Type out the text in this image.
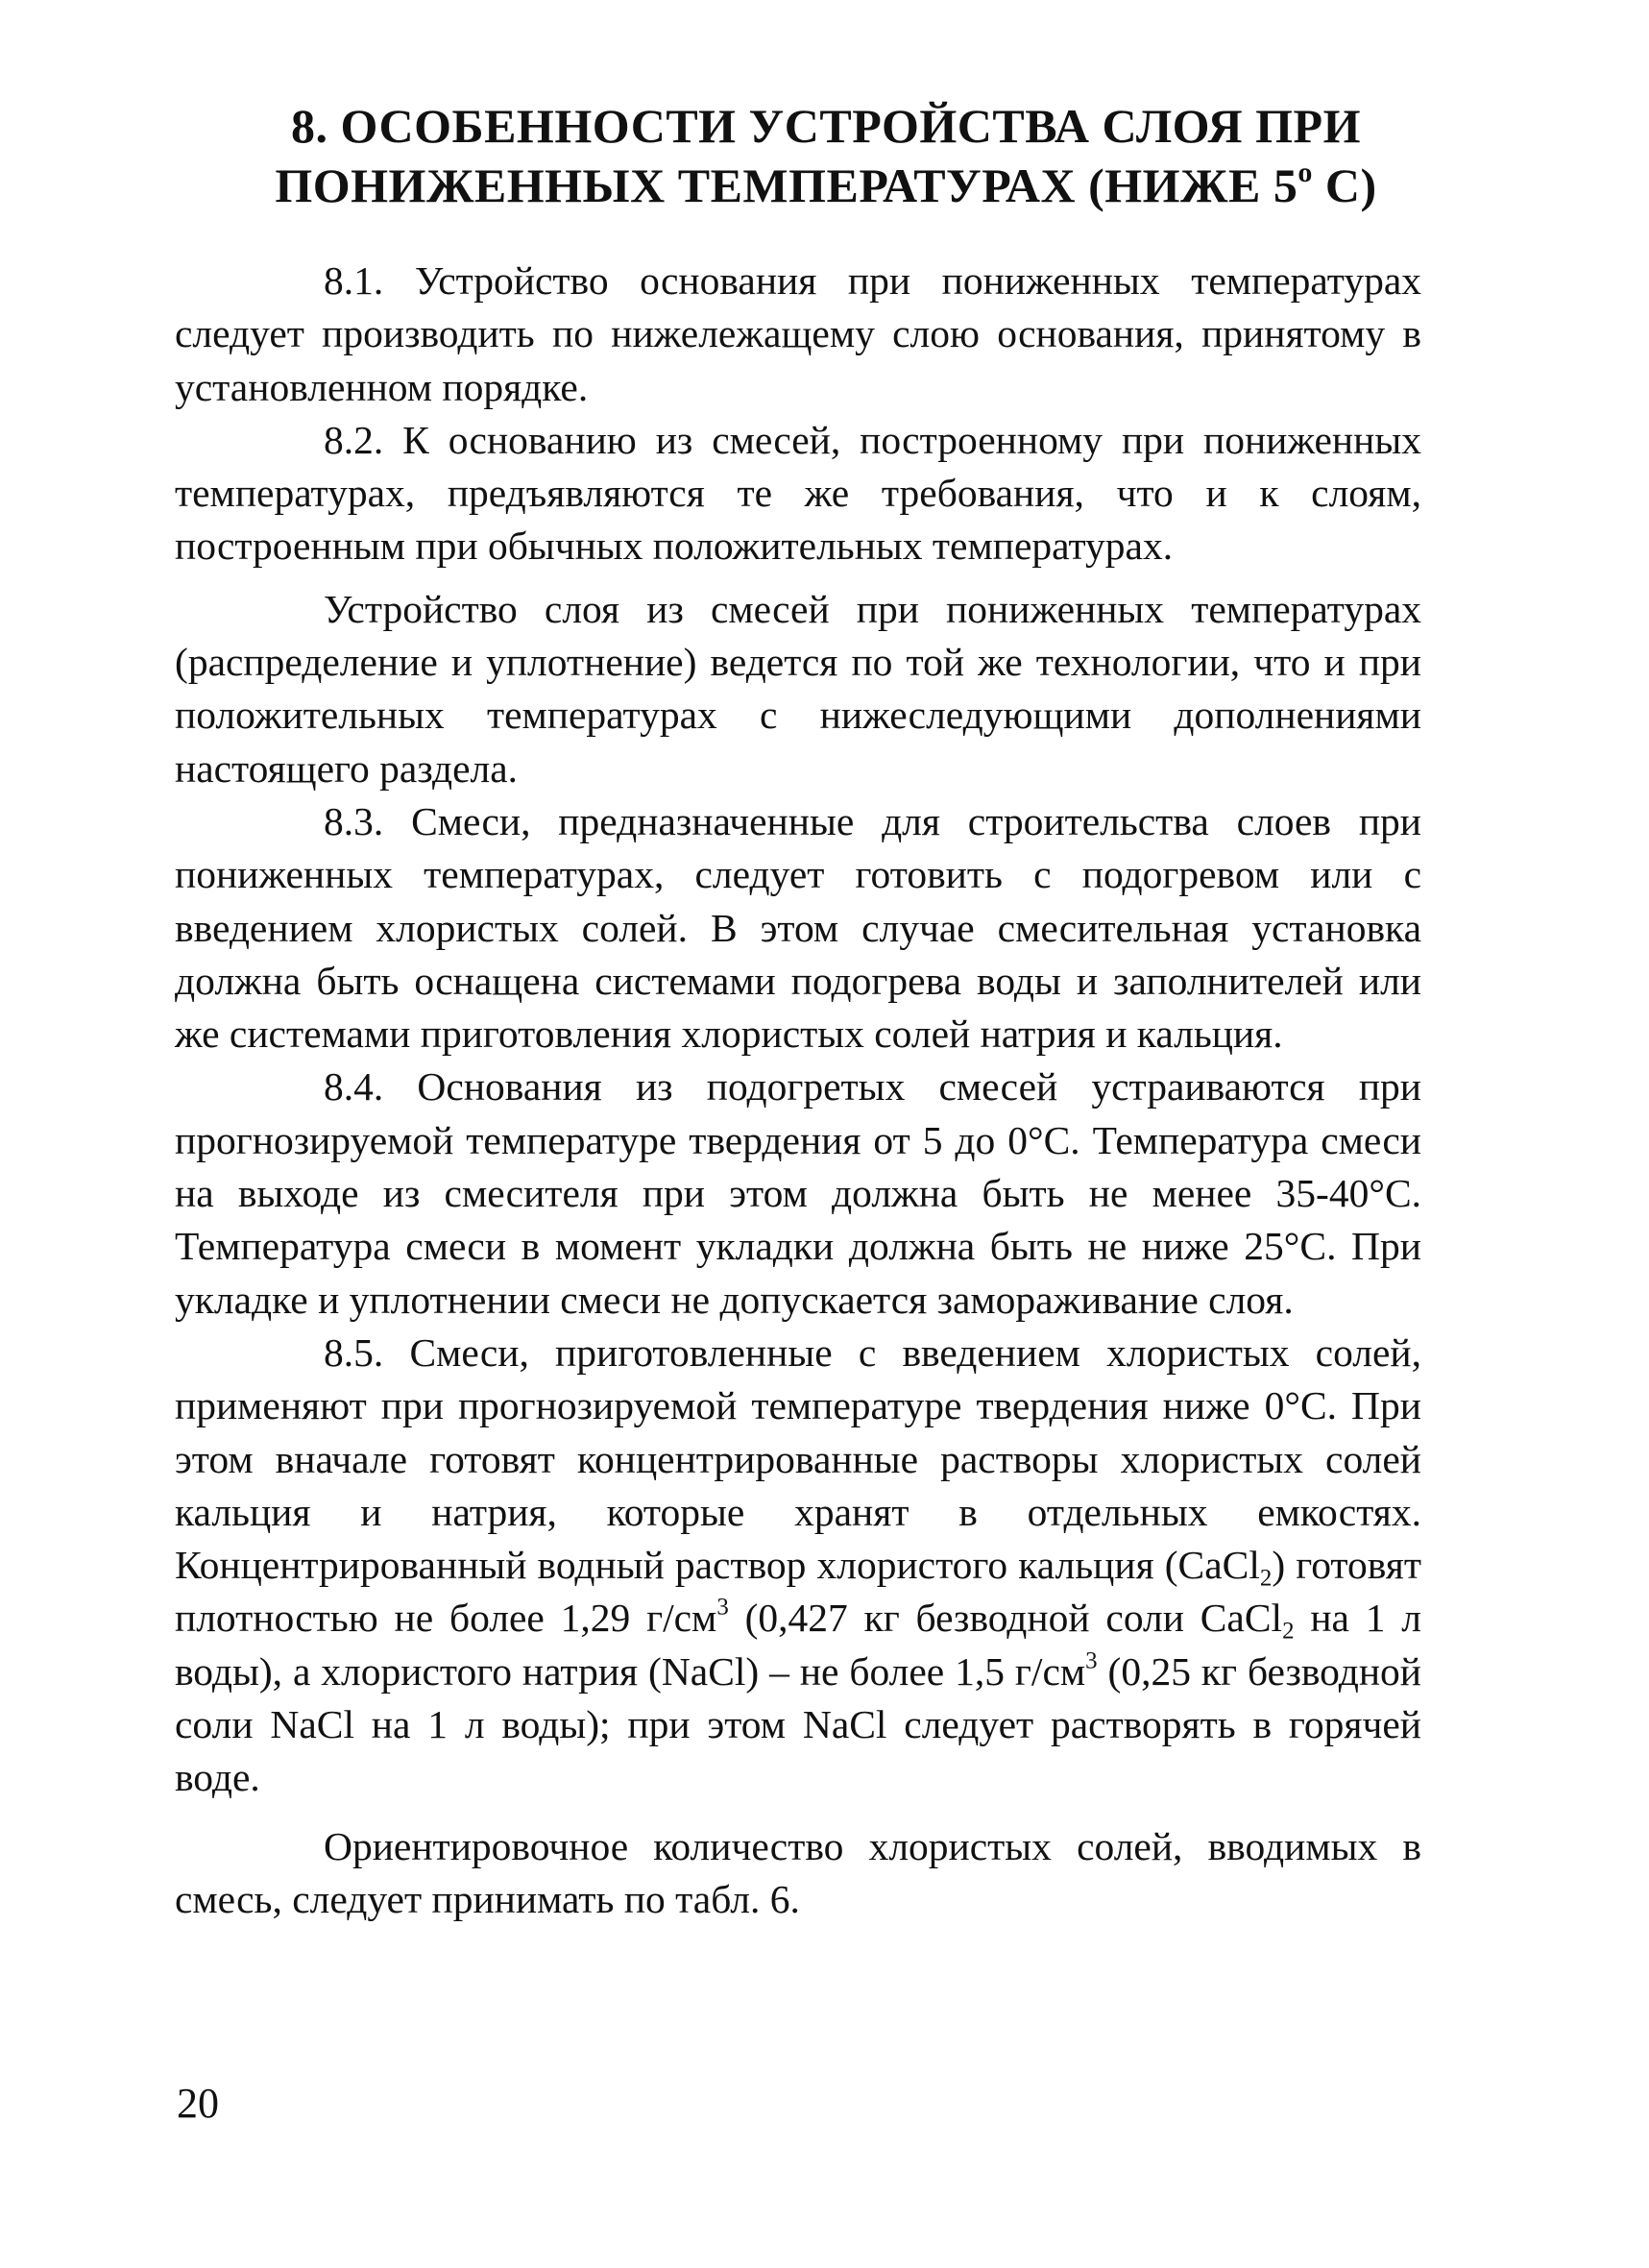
8. ОСОБЕННОСТИ УСТРОЙСТВА СЛОЯ ПРИ
ПОНИЖЕННЫХ ТЕМПЕРАТУРАХ (НИЖЕ $5^о$ С)

8.1. Устройство основания при пониженных температурах следует производить по нижележащему слою основания, принятому в установленном порядке.

8.2. К основанию из смесей, построенному при пониженных температурах, предъявляются те же требования, что и к слоям, построенным при обычных положительных температурах.

Устройство слоя из смесей при пониженных температурах (распределение и уплотнение) ведется по той же технологии, что и при положительных температурах с нижеследующими дополнениями настоящего раздела.

8.3. Смеси, предназначенные для строительства слоев при пониженных температурах, следует готовить с подогревом или с введением хлористых солей. В этом случае смесительная установка должна быть оснащена системами подогрева воды и заполнителей или же системами приготовления хлористых солей натрия и кальция.

8.4. Основания из подогретых смесей устраиваются при прогнозируемой температуре твердения от 5 до 0°С. Температура смеси на выходе из смесителя при этом должна быть не менее 35-40°С. Температура смеси в момент укладки должна быть не ниже 25°С. При укладке и уплотнении смеси не допускается замораживание слоя.

8.5. Смеси, приготовленные с введением хлористых солей, применяют при прогнозируемой температуре твердения ниже 0°С. При этом вначале готовят концентрированные растворы хлористых солей кальция и натрия, которые хранят в отдельных емкостях. Концентрированный водный раствор хлористого кальция (CaCl$_2$) готовят плотностью не более 1,29 $г/см^3$ (0,427 кг безводной соли CaCl$_2$ на 1 л воды), а хлористого натрия (NaCl) – не более 1,5 $г/см^3$ (0,25 кг безводной соли NaCl на 1 л воды); при этом NaCl следует растворять в горячей воде.

Ориентировочное количество хлористых солей, вводимых в смесь, следует принимать по табл. 6.

20
